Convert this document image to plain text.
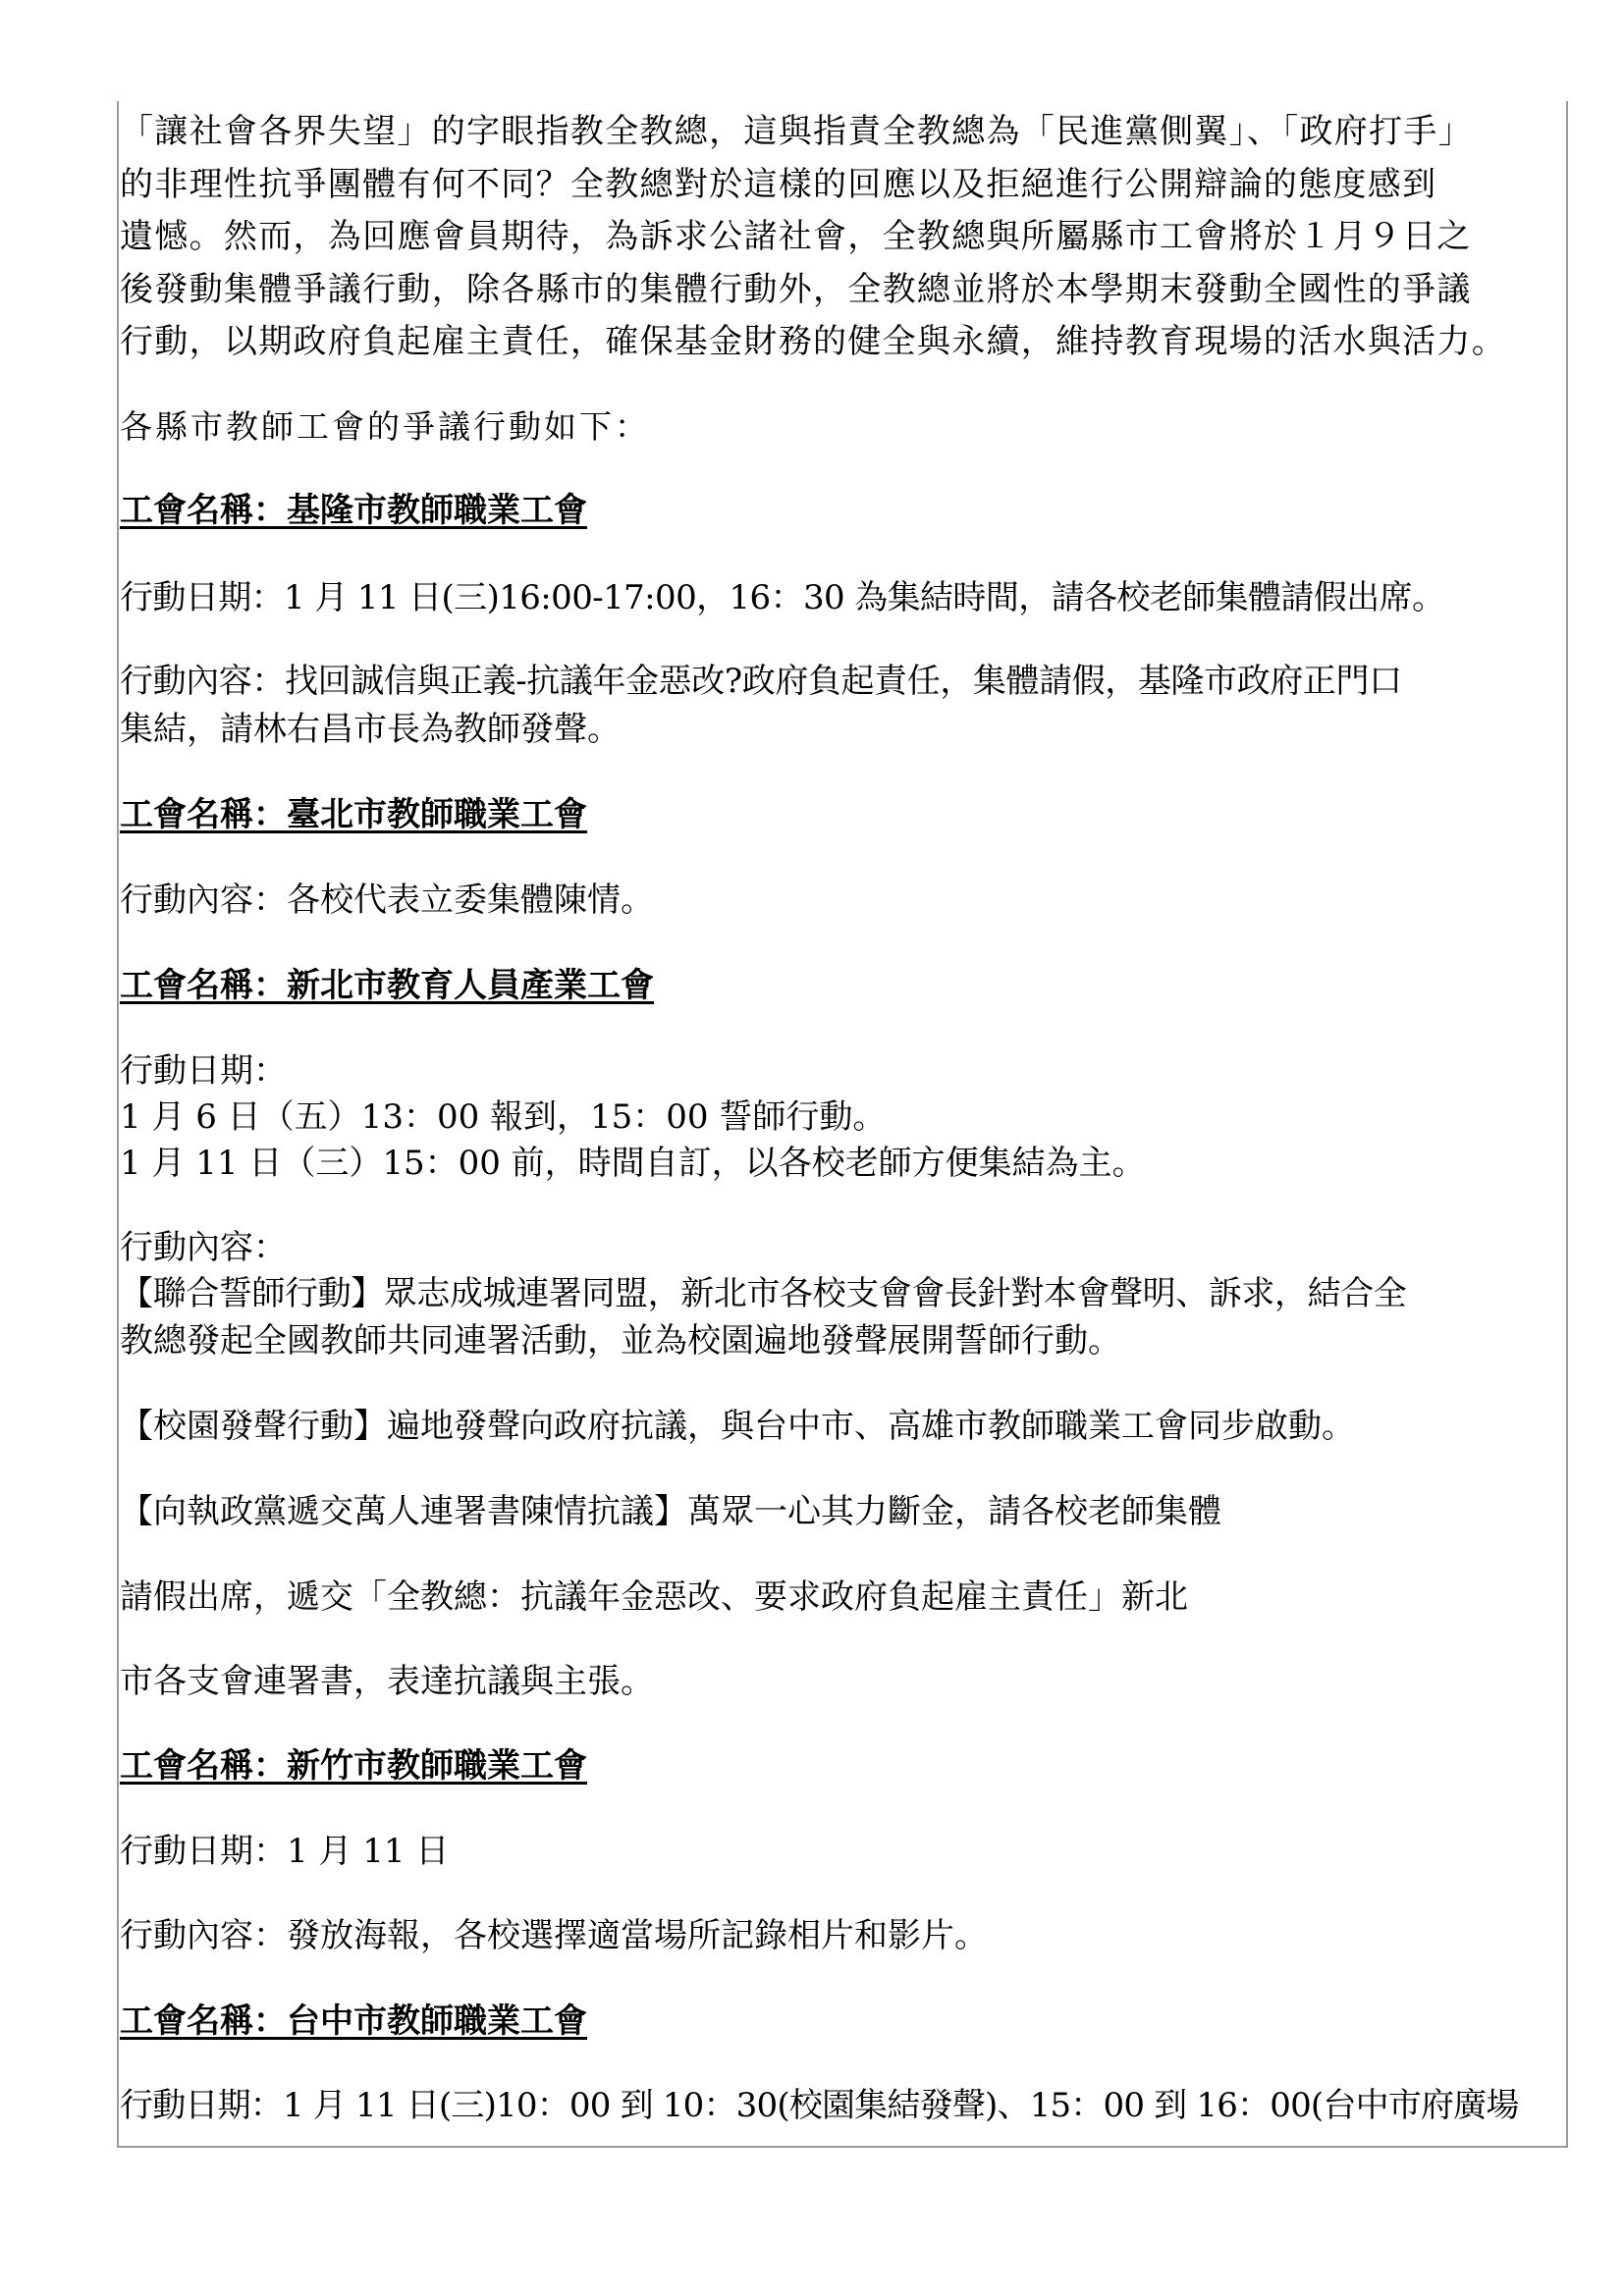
「讓社會各界失望」的字眼指教全教總，這與指責全教總為「民進黨側翼」、「政府打手」

的非理性抗爭團體有何不同？全教總對於這樣的回應以及拒絕進行公開辯論的態度感到

遺憾。然而，為回應會員期待，為訴求公諸社會，全教總與所屬縣市工會將於１月９日之

後發動集體爭議行動，除各縣市的集體行動外，全教總並將於本學期末發動全國性的爭議

行動，以期政府負起雇主責任，確保基金財務的健全與永續，維持教育現場的活水與活力。

各縣市教師工會的爭議行動如下：

工會名稱：基隆市教師職業工會

行動日期：1 月 11 日(三)16:00-17:00，16：30 為集結時間，請各校老師集體請假出席。

行動內容：找回誠信與正義-抗議年金惡改?政府負起責任，集體請假，基隆市政府正門口

集結，請林右昌市長為教師發聲。

工會名稱：臺北市教師職業工會

行動內容：各校代表立委集體陳情。

工會名稱：新北市教育人員產業工會

行動日期：

1 月 6 日（五）13：00 報到，15：00 誓師行動。

1 月 11 日（三）15：00 前，時間自訂，以各校老師方便集結為主。

行動內容：

【聯合誓師行動】眾志成城連署同盟，新北市各校支會會長針對本會聲明、訴求，結合全

教總發起全國教師共同連署活動，並為校園遍地發聲展開誓師行動。

【校園發聲行動】遍地發聲向政府抗議，與台中市、高雄市教師職業工會同步啟動。

【向執政黨遞交萬人連署書陳情抗議】萬眾一心其力斷金，請各校老師集體

請假出席，遞交「全教總：抗議年金惡改、要求政府負起雇主責任」新北

市各支會連署書，表達抗議與主張。

工會名稱：新竹市教師職業工會

行動日期：1 月 11 日

行動內容：發放海報，各校選擇適當場所記錄相片和影片。

工會名稱：台中市教師職業工會

行動日期：1 月 11 日(三)10：00 到 10：30(校園集結發聲)、15：00 到 16：00(台中市府廣場
